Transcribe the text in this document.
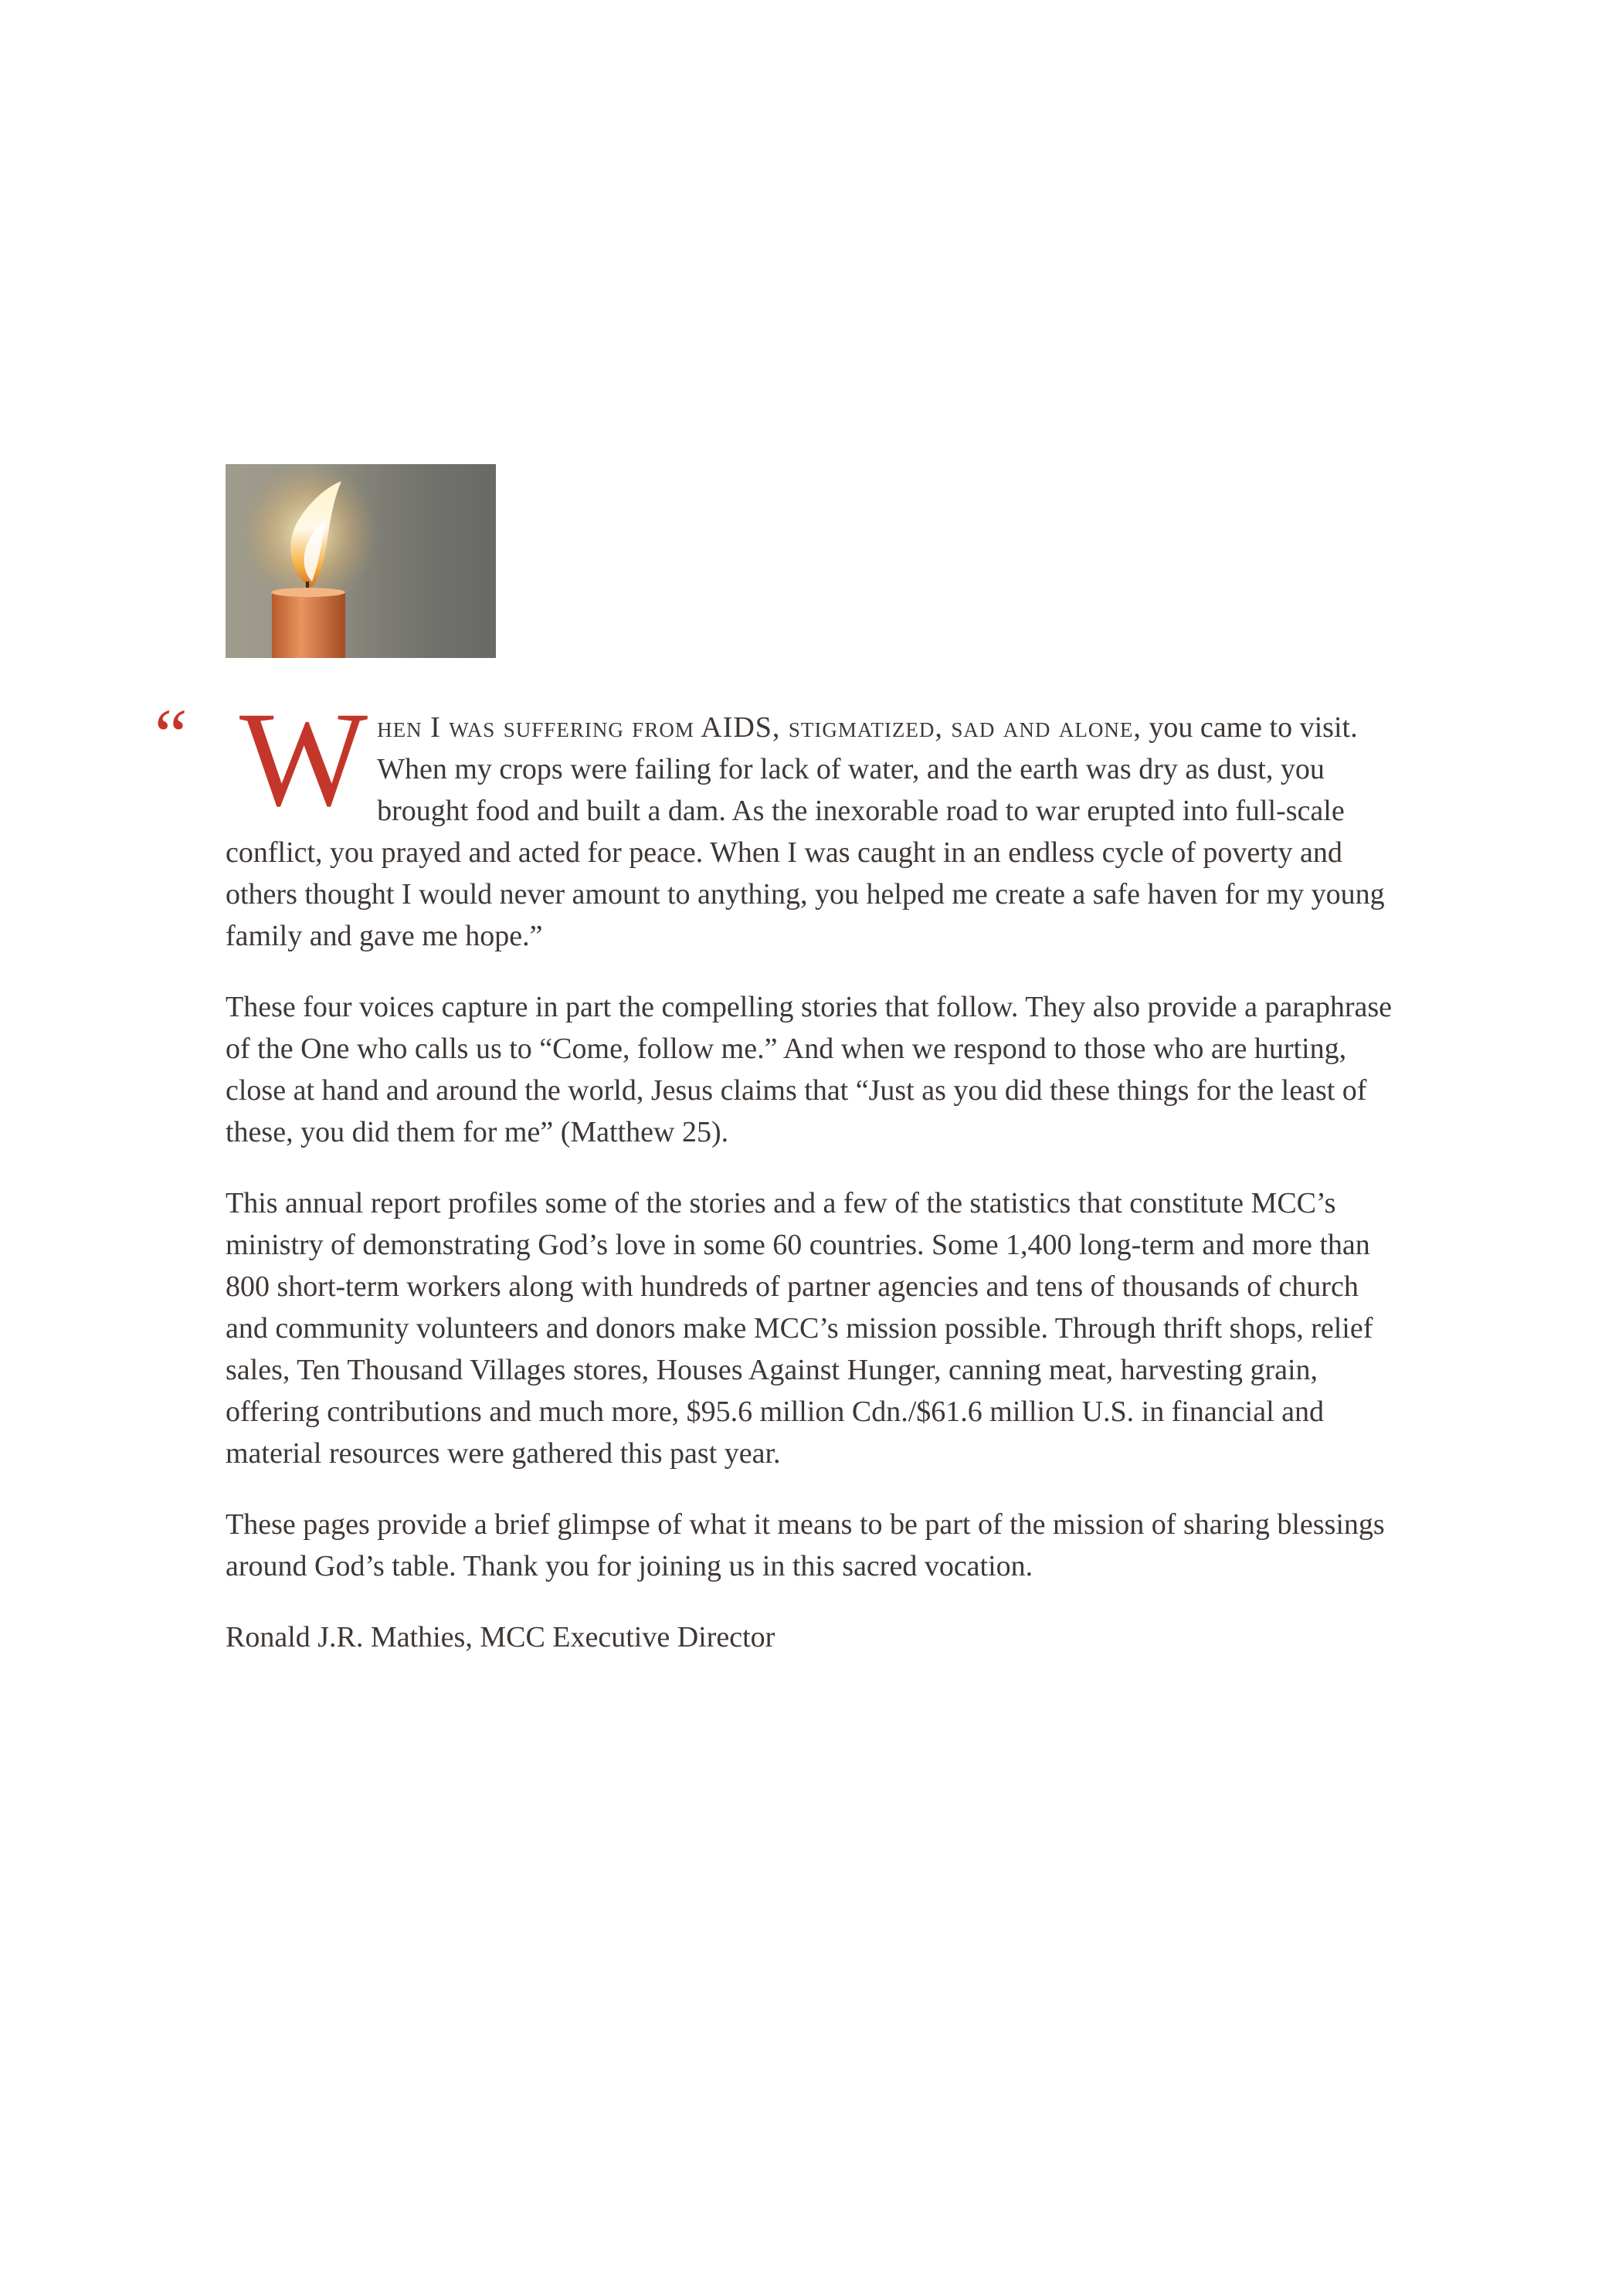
“ When I was suffering from AIDS, stigmatized, sad and alone, you came to visit. When my crops were failing for lack of water, and the earth was dry as dust, you brought food and built a dam. As the inexorable road to war erupted into full-scale conflict, you prayed and acted for peace. When I was caught in an endless cycle of poverty and others thought I would never amount to anything, you helped me create a safe haven for my young family and gave me hope.”

These four voices capture in part the compelling stories that follow. They also provide a paraphrase of the One who calls us to “Come, follow me.” And when we respond to those who are hurting, close at hand and around the world, Jesus claims that “Just as you did these things for the least of these, you did them for me” (Matthew 25).

This annual report profiles some of the stories and a few of the statistics that constitute MCC’s ministry of demonstrating God’s love in some 60 countries. Some 1,400 long-term and more than 800 short-term workers along with hundreds of partner agencies and tens of thousands of church and community volunteers and donors make MCC’s mission possible. Through thrift shops, relief sales, Ten Thousand Villages stores, Houses Against Hunger, canning meat, harvesting grain, offering contributions and much more, $95.6 million Cdn./$61.6 million U.S. in financial and material resources were gathered this past year.

These pages provide a brief glimpse of what it means to be part of the mission of sharing blessings around God’s table. Thank you for joining us in this sacred vocation.

Ronald J.R. Mathies, MCC Executive Director
